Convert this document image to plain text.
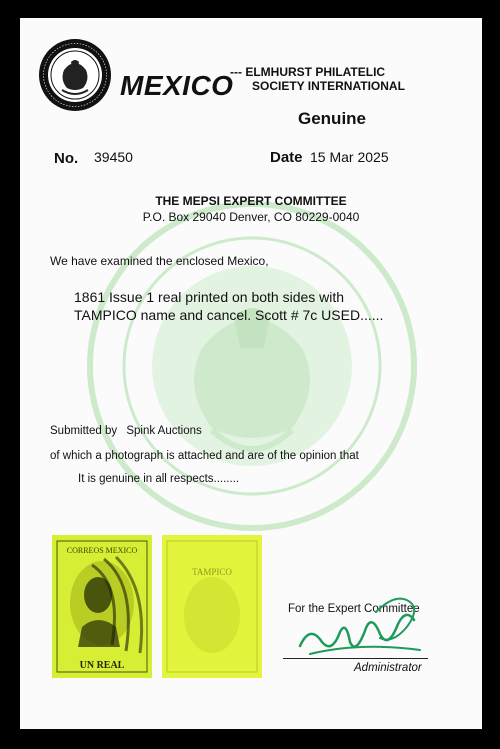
MEXICO
--- ELMHURST PHILATELIC
SOCIETY INTERNATIONAL
Genuine
No. 39450	Date 15 Mar 2025
THE MEPSI EXPERT COMMITTEE
P.O. Box 29040 Denver, CO 80229-0040
We have examined the enclosed Mexico,
1861 Issue 1 real printed on both sides with
TAMPICO name and cancel. Scott # 7c USED......
Submitted by Spink Auctions
of which a photograph is attached and are of the opinion that
It is genuine in all respects........
CORREOS MEXICO
UN REAL
TAMPICO
For the Expert Committee
Administrator
